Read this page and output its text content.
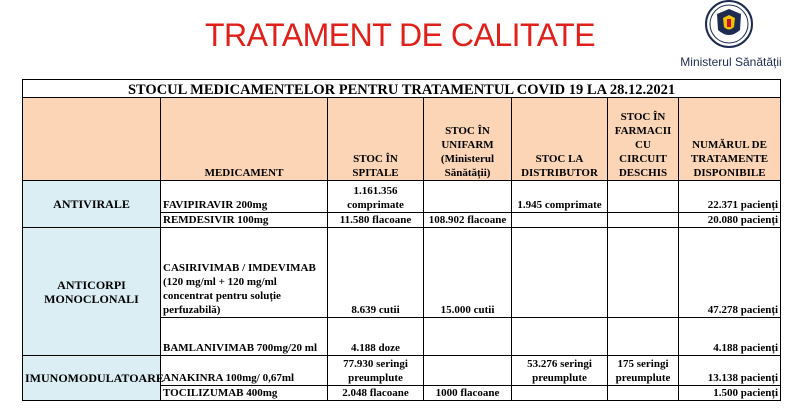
TRATAMENT DE CALITATE
Ministerul Sănătății
STOCUL MEDICAMENTELOR PENTRU TRATAMENTUL COVID 19 LA 28.12.2021						
	MEDICAMENT	STOC ÎN SPITALE	STOC ÎN UNIFARM (Ministerul Sănătății)	STOC LA DISTRIBUTOR	STOC ÎN FARMACII CU CIRCUIT DESCHIS	NUMĂRUL DE TRATAMENTE DISPONIBILE
ANTIVIRALE	FAVIPIRAVIR 200mg	1.161.356 comprimate		1.945 comprimate		22.371 pacienți
	REMDESIVIR 100mg	11.580 flacoane	108.902 flacoane			20.080 pacienți
ANTICORPI MONOCLONALI	CASIRIVIMAB / IMDEVIMAB (120 mg/ml + 120 mg/ml concentrat pentru soluție perfuzabilă)	8.639 cutii	15.000 cutii			47.278 pacienți
	BAMLANIVIMAB 700mg/20 ml	4.188 doze				4.188 pacienți
IMUNOMODULATOARE	ANAKINRA 100mg/ 0,67ml	77.930 seringi preumplute		53.276 seringi preumplute	175 seringi preumplute	13.138 pacienți
	TOCILIZUMAB 400mg	2.048 flacoane	1000 flacoane			1.500 pacienți
